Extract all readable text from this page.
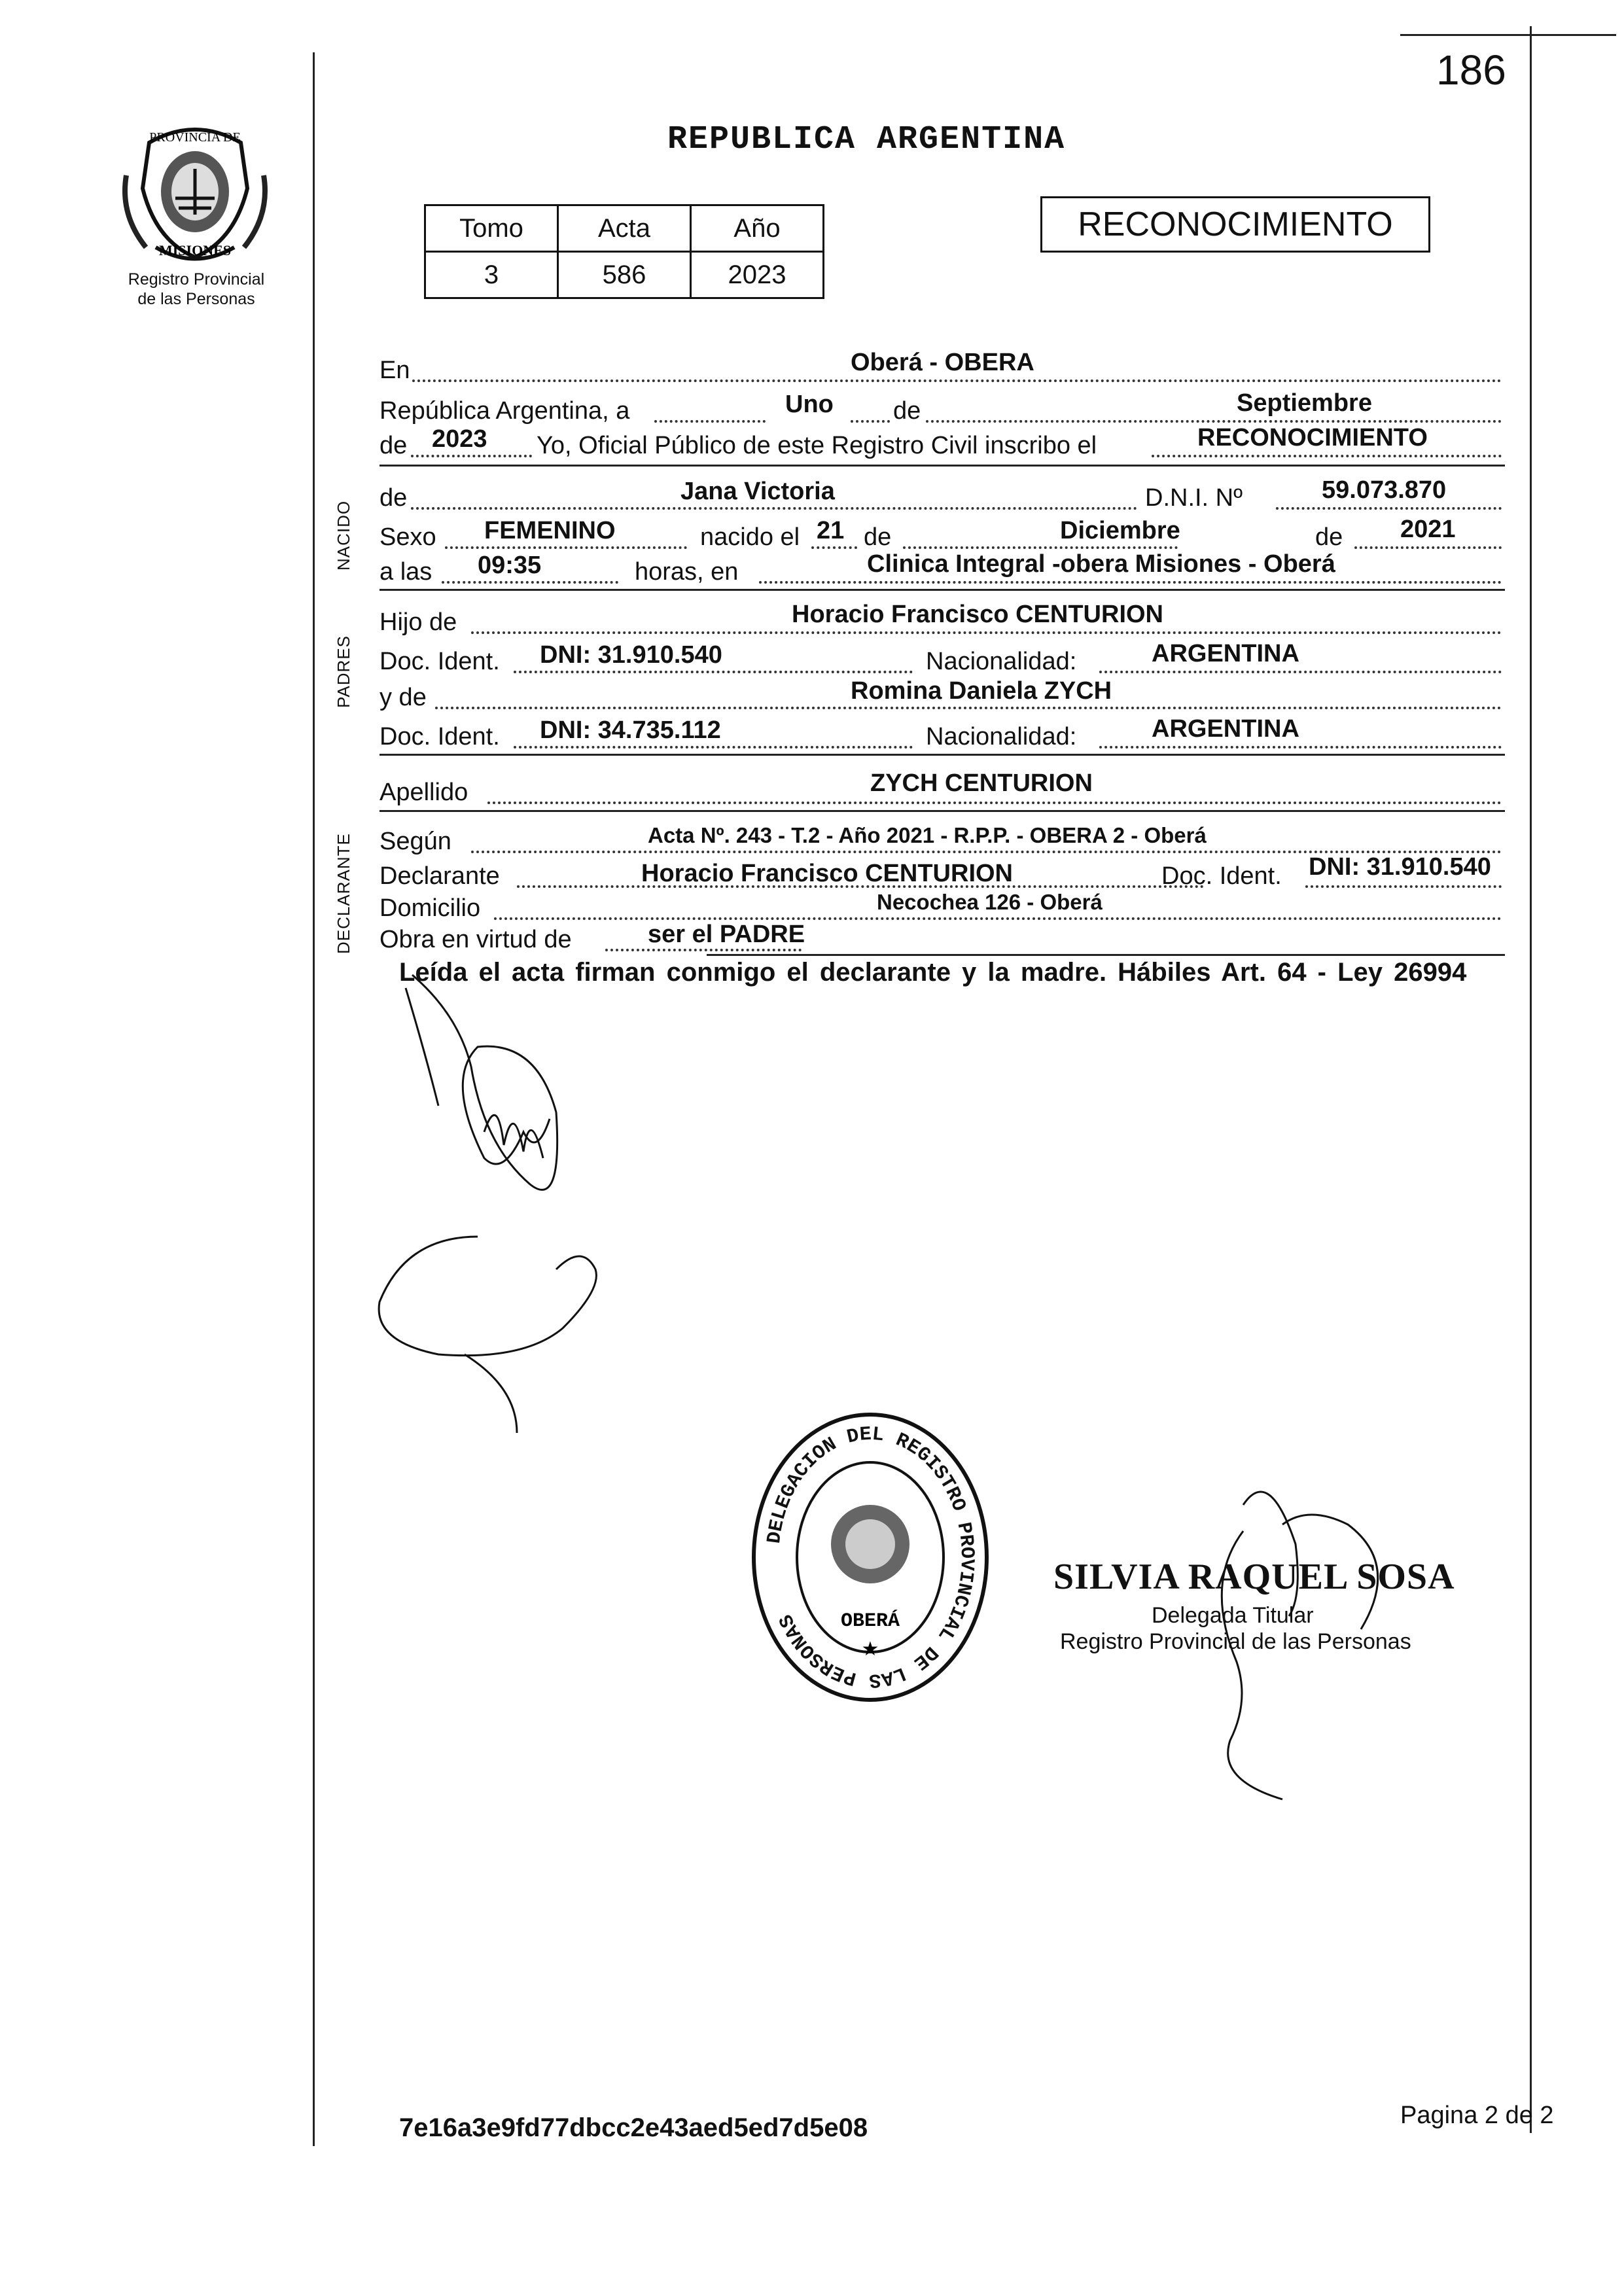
186
PROVINCIA DE
MISIONES
Registro Provincial
de las Personas
REPUBLICA ARGENTINA
Tomo	Acta	Año
3	586	2023
RECONOCIMIENTO
En	Oberá - OBERA
República Argentina, a	Uno de	Septiembre
de 2023 Yo, Oficial Público de este Registro Civil inscribo el	RECONOCIMIENTO
NACIDO
de	Jana Victoria	D.N.I. Nº	59.073.870
Sexo FEMENINO	nacido el 21 de	Diciembre	de 2021
a las 09:35	horas, en	Clinica Integral -obera Misiones - Oberá
PADRES
Hijo de	Horacio Francisco CENTURION
Doc. Ident. DNI: 31.910.540	Nacionalidad:	ARGENTINA
y de	Romina Daniela ZYCH
Doc. Ident. DNI: 34.735.112	Nacionalidad:	ARGENTINA
Apellido	ZYCH CENTURION
DECLARANTE Según	Acta Nº. 243 - T.2 - Año 2021 - R.P.P. - OBERA 2 - Oberá
Declarante	Horacio Francisco CENTURION	Doc. Ident. DNI: 31.910.540
Domicilio	Necochea 126 - Oberá
Obra en virtud de	ser el PADRE
Leída el acta firman conmigo el declarante y la madre. Hábiles Art. 64 - Ley 26994
DELEGACION DEL REGISTRO PROVINCIAL DE LAS PERSONAS	OBERÁ
★
SILVIA RAQUEL SOSA
Delegada Titular
Registro Provincial de las Personas
7e16a3e9fd77dbcc2e43aed5ed7d5e08	Pagina 2 de 2
